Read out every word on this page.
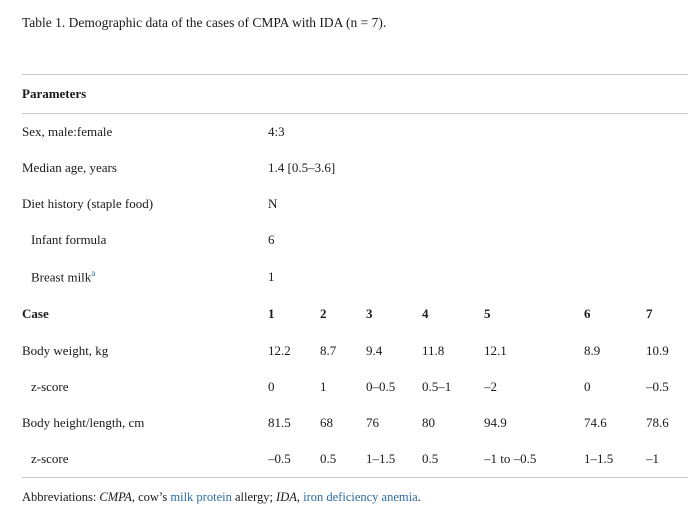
Table 1. Demographic data of the cases of CMPA with IDA (n = 7).
Parameters							
Sex, male:female	4:3						
Median age, years	1.4 [0.5–3.6]						
Diet history (staple food)	N						
Infant formula	6						
Breast milk$^a$	1						
Case	1	2	3	4	5	6	7
Body weight, kg	12.2	8.7	9.4	11.8	12.1	8.9	10.9
z-score	0	1	0–0.5	0.5–1	–2	0	–0.5
Body height/length, cm	81.5	68	76	80	94.9	74.6	78.6
z-score	–0.5	0.5	1–1.5	0.5	–1 to –0.5	1–1.5	–1
Abbreviations: CMPA, cow’s milk protein allergy; IDA, iron deficiency anemia.
